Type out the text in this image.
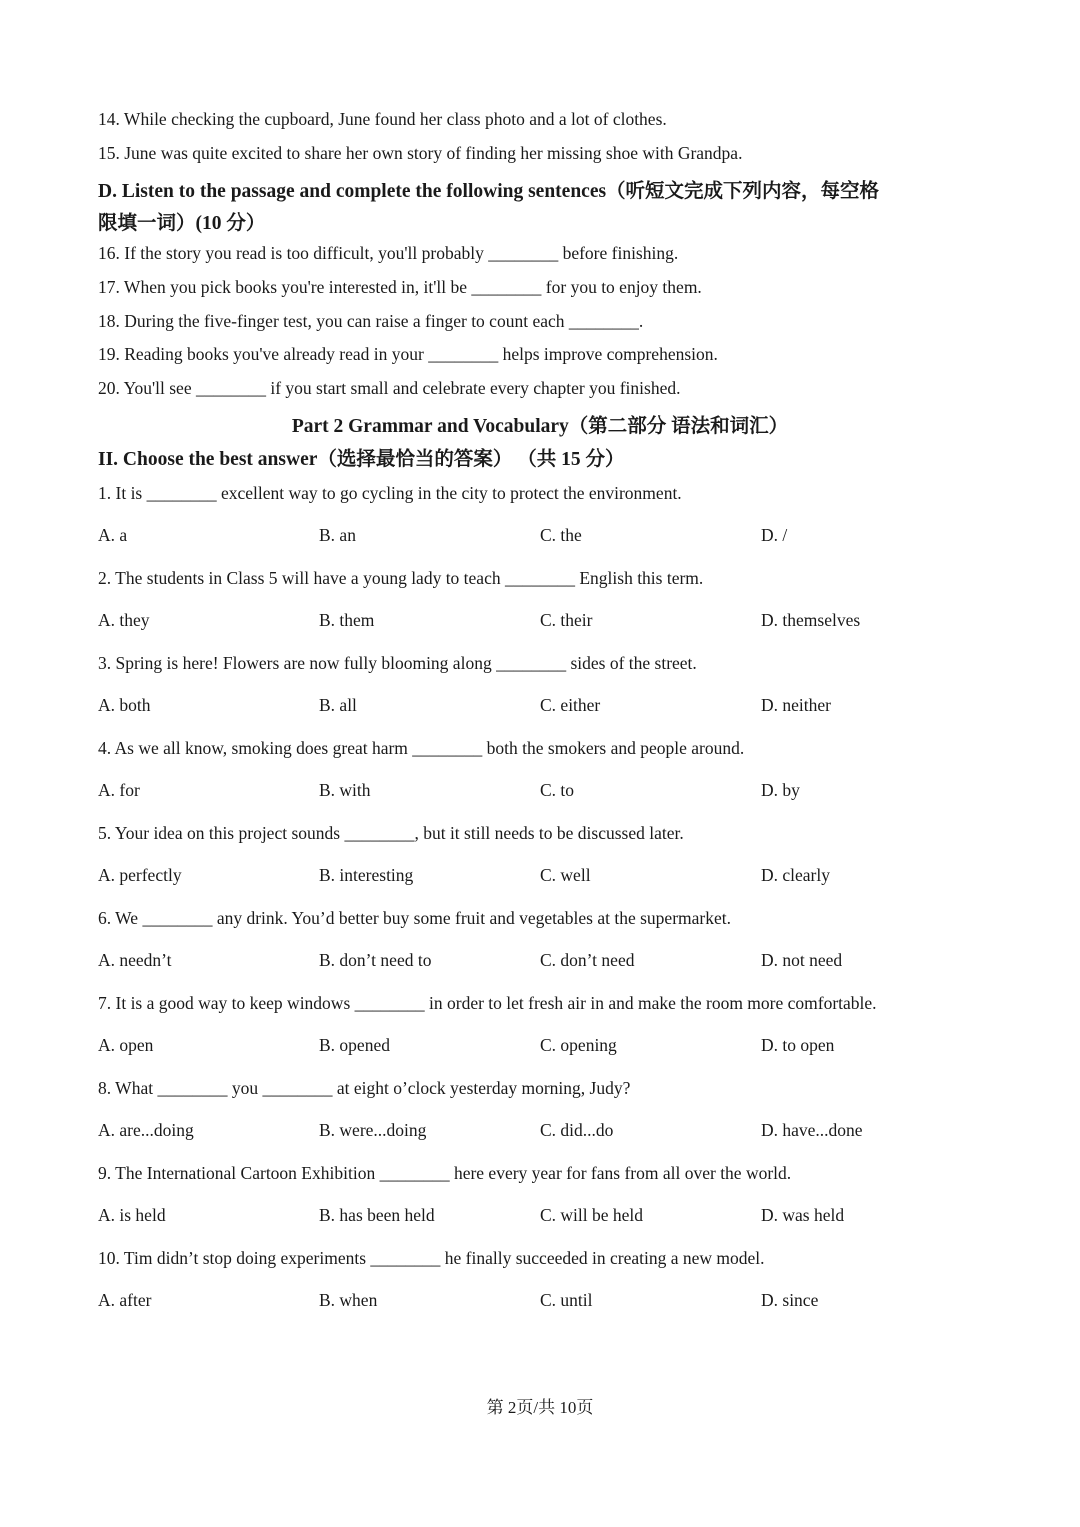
14. While checking the cupboard, June found her class photo and a lot of clothes.
15. June was quite excited to share her own story of finding her missing shoe with Grandpa.
D. Listen to the passage and complete the following sentences（听短文完成下列内容，每空格
限填一词）(10 分）
16. If the story you read is too difficult, you'll probably ________ before finishing.
17. When you pick books you're interested in, it'll be ________ for you to enjoy them.
18. During the five-finger test, you can raise a finger to count each ________.
19. Reading books you've already read in your ________ helps improve comprehension.
20. You'll see ________ if you start small and celebrate every chapter you finished.
Part 2 Grammar and Vocabulary（第二部分 语法和词汇）
II. Choose the best answer（选择最恰当的答案） （共 15 分）
1. It is ________ excellent way to go cycling in the city to protect the environment.
A. a	B. an	C. the	D. /
2. The students in Class 5 will have a young lady to teach ________ English this term.
A. they	B. them	C. their	D. themselves
3. Spring is here! Flowers are now fully blooming along ________ sides of the street.
A. both	B. all	C. either	D. neither
4. As we all know, smoking does great harm ________ both the smokers and people around.
A. for	B. with	C. to	D. by
5. Your idea on this project sounds ________, but it still needs to be discussed later.
A. perfectly	B. interesting	C. well	D. clearly
6. We ________ any drink. You’d better buy some fruit and vegetables at the supermarket.
A. needn’t	B. don’t need to	C. don’t need	D. not need
7. It is a good way to keep windows ________ in order to let fresh air in and make the room more comfortable.
A. open	B. opened	C. opening	D. to open
8. What ________ you ________ at eight o’clock yesterday morning, Judy?
A. are...doing	B. were...doing	C. did...do	D. have...done
9. The International Cartoon Exhibition ________ here every year for fans from all over the world.
A. is held	B. has been held	C. will be held	D. was held
10. Tim didn’t stop doing experiments ________ he finally succeeded in creating a new model.
A. after	B. when	C. until	D. since
第 2页/共 10页
